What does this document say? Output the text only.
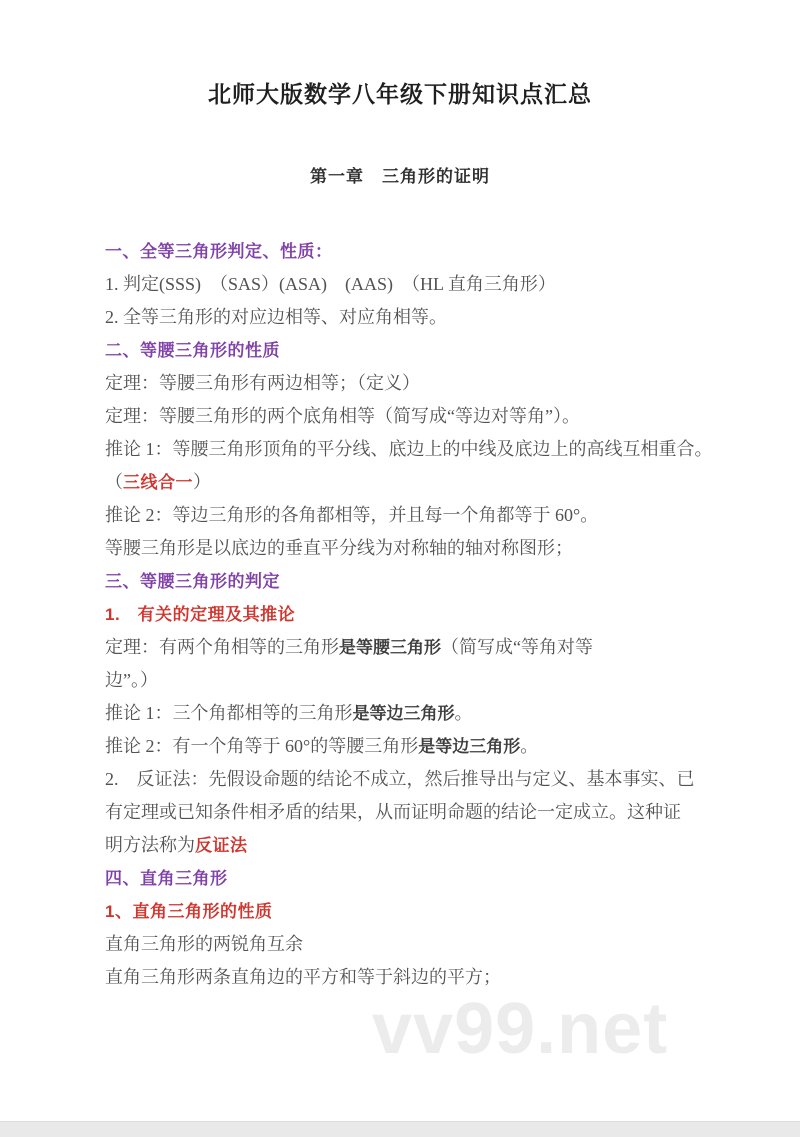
北师大版数学八年级下册知识点汇总
第一章　三角形的证明

一、全等三角形判定、性质：

1. 判定(SSS)　（SAS）(ASA)　(AAS)　（HL 直角三角形）

2. 全等三角形的对应边相等、对应角相等。

二、等腰三角形的性质

定理：等腰三角形有两边相等；（定义）

定理：等腰三角形的两个底角相等（简写成“等边对等角”）。

推论 1：等腰三角形顶角的平分线、底边上的中线及底边上的高线互相重合。

（三线合一）

推论 2：等边三角形的各角都相等，并且每一个角都等于 60°。

等腰三角形是以底边的垂直平分线为对称轴的轴对称图形；

三、等腰三角形的判定

1.　有关的定理及其推论

定理：有两个角相等的三角形是等腰三角形（简写成“等角对等

边”。）

推论 1：三个角都相等的三角形是等边三角形。

推论 2：有一个角等于 60°的等腰三角形是等边三角形。

2.　反证法：先假设命题的结论不成立，然后推导出与定义、基本事实、已

有定理或已知条件相矛盾的结果，从而证明命题的结论一定成立。这种证

明方法称为反证法

四、直角三角形

1、直角三角形的性质

直角三角形的两锐角互余

直角三角形两条直角边的平方和等于斜边的平方；

vv99.net
